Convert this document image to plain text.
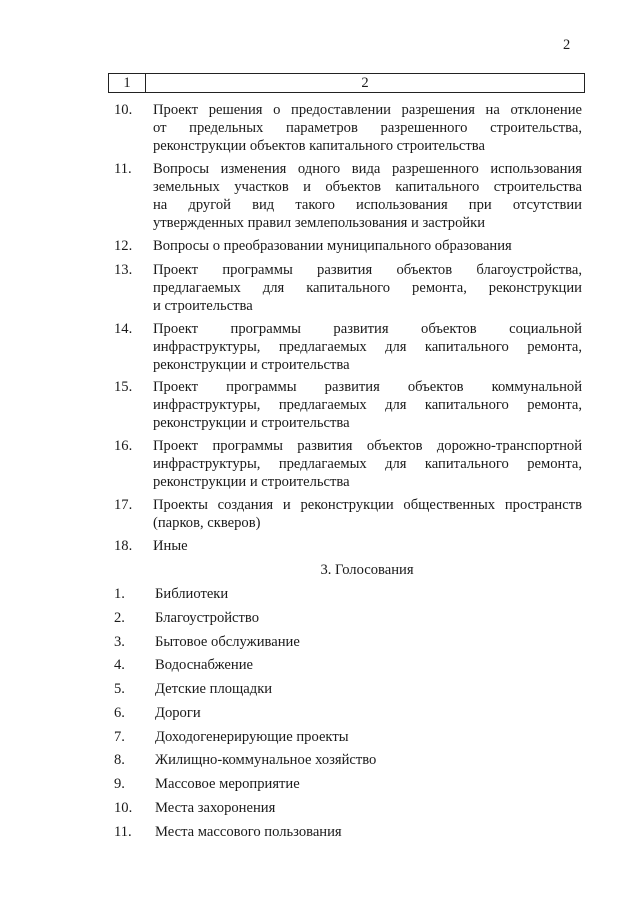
2
1	2
10.	Проект решения о предоставлении разрешения на отклонение
от предельных параметров разрешенного строительства,
реконструкции объектов капитального строительства
11.	Вопросы изменения одного вида разрешенного использования
земельных участков и объектов капитального строительства
на другой вид такого использования при отсутствии
утвержденных правил землепользования и застройки
12.	Вопросы о преобразовании муниципального образования
13.	Проект программы развития объектов благоустройства,
предлагаемых для капитального ремонта, реконструкции
и строительства
14.	Проект программы развития объектов социальной
инфраструктуры, предлагаемых для капитального ремонта,
реконструкции и строительства
15.	Проект программы развития объектов коммунальной
инфраструктуры, предлагаемых для капитального ремонта,
реконструкции и строительства
16.	Проект программы развития объектов дорожно-транспортной
инфраструктуры, предлагаемых для капитального ремонта,
реконструкции и строительства
17.	Проекты создания и реконструкции общественных пространств
(парков, скверов)
18.	Иные
3. Голосования
1.	Библиотеки
2.	Благоустройство
3.	Бытовое обслуживание
4.	Водоснабжение
5.	Детские площадки
6.	Дороги
7.	Доходогенерирующие проекты
8.	Жилищно-коммунальное хозяйство
9.	Массовое мероприятие
10.	Места захоронения
11.	Места массового пользования
